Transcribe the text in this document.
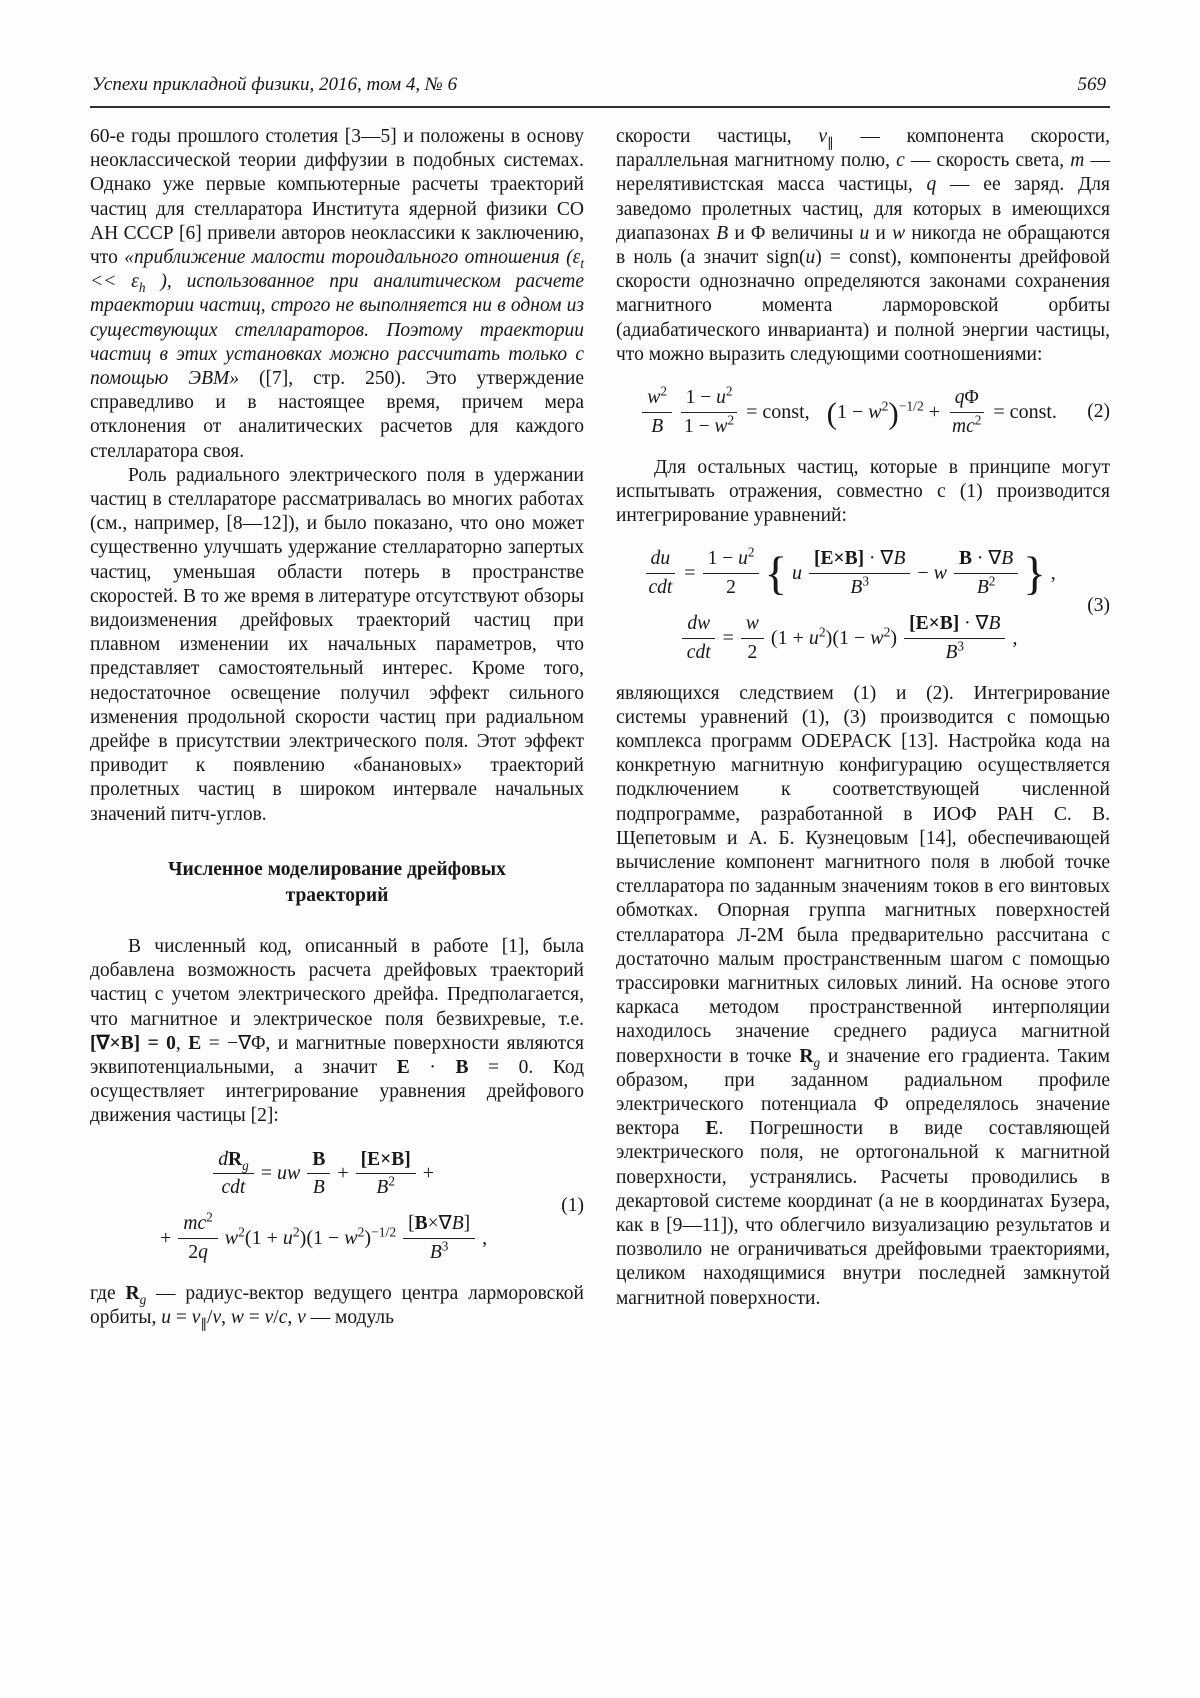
Успехи прикладной физики, 2016, том 4, № 6	569

60-е годы прошлого столетия [3—5] и положены в основу неоклассической теории диффузии в подобных системах. Однако уже первые компьютерные расчеты траекторий частиц для стелларатора Института ядерной физики СО АН СССР [6] привели авторов неоклассики к заключению, что «приближение малости тороидального отношения ($\varepsilon_t << \varepsilon_h$ ), использованное при аналитическом расчете траектории частиц, строго не выполняется ни в одном из существующих стеллараторов. Поэтому траектории частиц в этих установках можно рассчитать только с помощью ЭВМ» ([7], стр. 250). Это утверждение справедливо и в настоящее время, причем мера отклонения от аналитических расчетов для каждого стелларатора своя.

Роль радиального электрического поля в удержании частиц в стеллараторе рассматривалась во многих работах (см., например, [8—12]), и было показано, что оно может существенно улучшать удержание стеллараторно запертых частиц, уменьшая области потерь в пространстве скоростей. В то же время в литературе отсутствуют обзоры видоизменения дрейфовых траекторий частиц при плавном изменении их начальных параметров, что представляет самостоятельный интерес. Кроме того, недостаточное освещение получил эффект сильного изменения продольной скорости частиц при радиальном дрейфе в присутствии электрического поля. Этот эффект приводит к появлению «банановых» траекторий пролетных частиц в широком интервале начальных значений питч-углов.

Численное моделирование дрейфовых траекторий

В численный код, описанный в работе [1], была добавлена возможность расчета дрейфовых траекторий частиц с учетом электрического дрейфа. Предполагается, что магнитное и электрическое поля безвихревые, т.е. [∇×B] = 0, E = −∇Φ, и магнитные поверхности являются эквипотенциальными, а значит E · B = 0. Код осуществляет интегрирование уравнения дрейфового движения частицы [2]:

$\frac{dR_g}{\text{cdt}}$ = uw $\frac{B}{B} + \frac{[E\times B]}{B^2}$ +
+ $\frac{mc^2}{2q} w^2(1 + u^2)(1 - w^2)^{-1/2} \frac{[B\times\nabla B]}{B^3}$ ,
(1)

где $R_g$ — радиус-вектор ведущего центра ларморовской орбиты, $u = v_\parallel/v$, w = v/c, v — модуль

скорости частицы, $v_\parallel$ — компонента скорости, параллельная магнитному полю, c — скорость света, m — нерелятивистская масса частицы, q — ее заряд. Для заведомо пролетных частиц, для которых в имеющихся диапазонах B и Φ величины u и w никогда не обращаются в ноль (а значит sign(u) = const), компоненты дрейфовой скорости однозначно определяются законами сохранения магнитного момента ларморовской орбиты (адиабатического инварианта) и полной энергии частицы, что можно выразить следующими соотношениями:

$\frac{w^2}{B} \frac{1 - u^2}{1 - w^2}$ = const, $(1 - w^2)^{-1/2} + \frac{q\Phi}{mc^2}$ = const. (2)

Для остальных частиц, которые в принципе могут испытывать отражения, совместно с (1) производится интегрирование уравнений:

$\frac{du}{\text{cdt}} = \frac{1 - u^2}{2}$ { u $\frac{[E\times B] \cdot \nabla B}{B^3} - w \frac{B \cdot \nabla B}{B^2}$ } ,
$\frac{dw}{\text{cdt}} = \frac{w}{2} (1 + u^2)(1 - w^2) \frac{[E\times B] \cdot \nabla B}{B^3}$ ,
(3)

являющихся следствием (1) и (2). Интегрирование системы уравнений (1), (3) производится с помощью комплекса программ ODEPACK [13]. Настройка кода на конкретную магнитную конфигурацию осуществляется подключением к соответствующей численной подпрограмме, разработанной в ИОФ РАН С. В. Щепетовым и А. Б. Кузнецовым [14], обеспечивающей вычисление компонент магнитного поля в любой точке стелларатора по заданным значениям токов в его винтовых обмотках. Опорная группа магнитных поверхностей стелларатора Л-2М была предварительно рассчитана с достаточно малым пространственным шагом с помощью трассировки магнитных силовых линий. На основе этого каркаса методом пространственной интерполяции находилось значение среднего радиуса магнитной поверхности в точке $R_g$ и значение его градиента. Таким образом, при заданном радиальном профиле электрического потенциала Φ определялось значение вектора E. Погрешности в виде составляющей электрического поля, не ортогональной к магнитной поверхности, устранялись. Расчеты проводились в декартовой системе координат (а не в координатах Бузера, как в [9—11]), что облегчило визуализацию результатов и позволило не ограничиваться дрейфовыми траекториями, целиком находящимися внутри последней замкнутой магнитной поверхности.
